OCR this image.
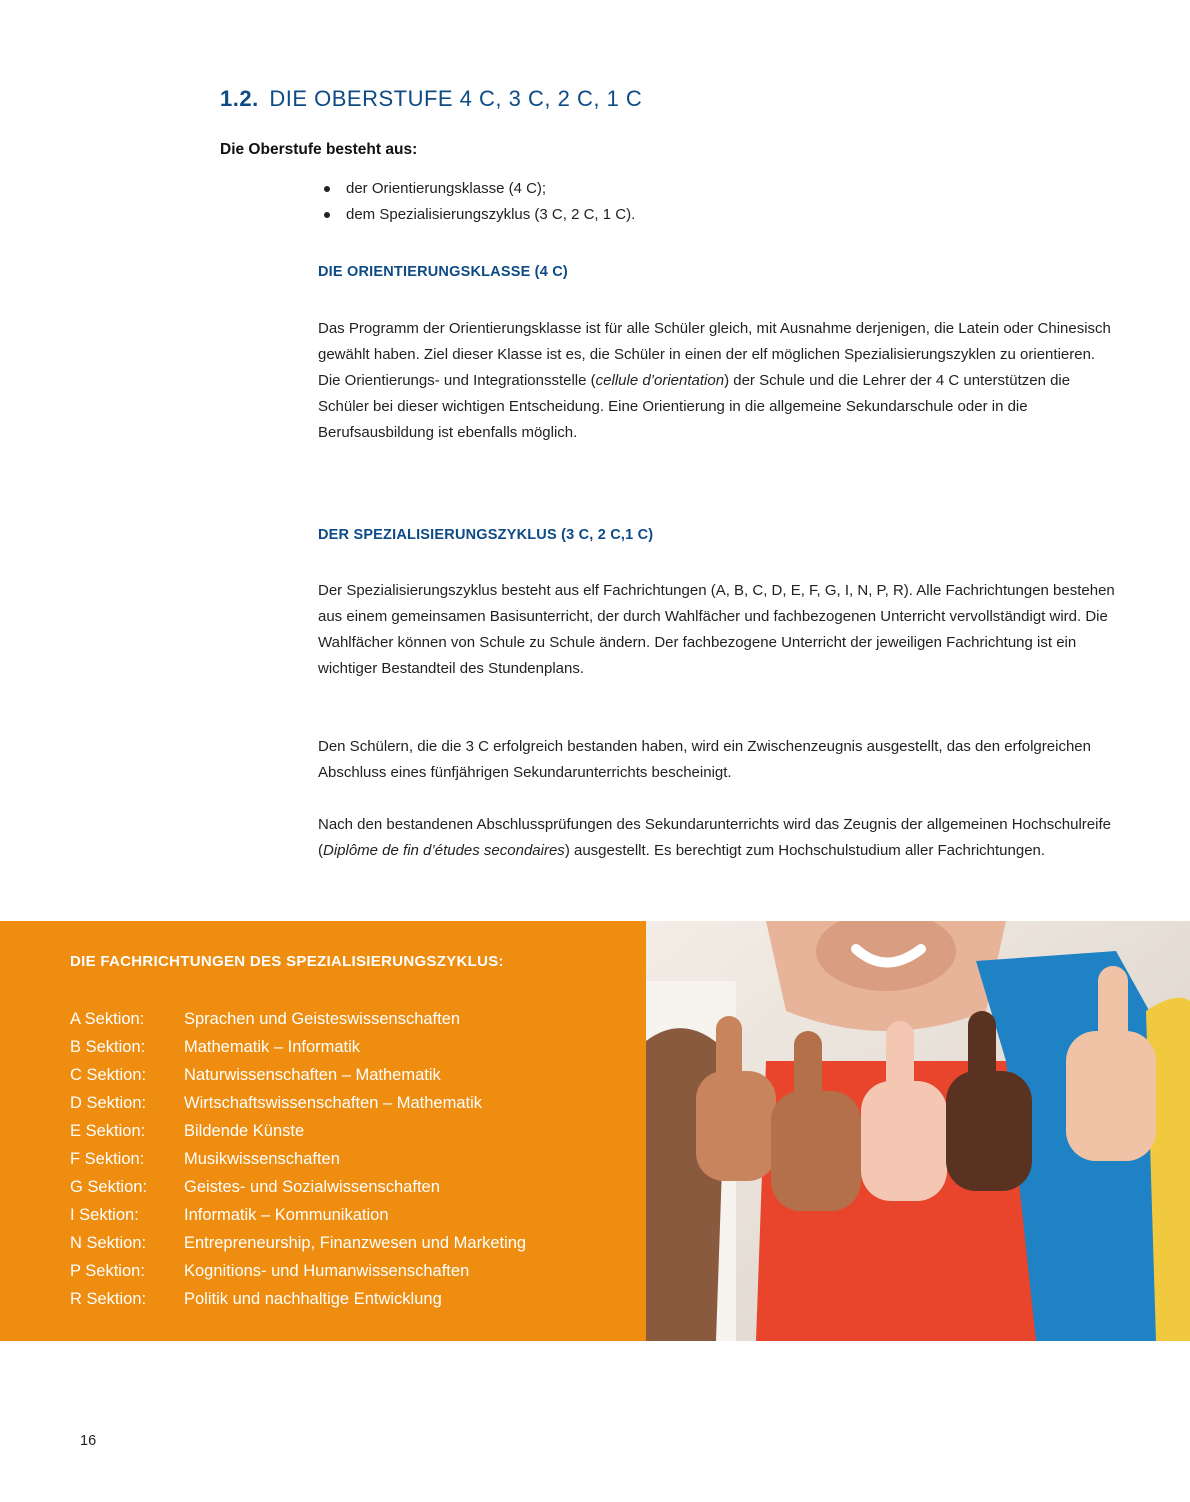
1.2. DIE OBERSTUFE 4 C, 3 C, 2 C, 1 C

Die Oberstufe besteht aus:

der Orientierungsklasse (4 C);
dem Spezialisierungszyklus (3 C, 2 C, 1 C).
DIE ORIENTIERUNGSKLASSE (4 C)

Das Programm der Orientierungsklasse ist für alle Schüler gleich, mit Ausnahme derjenigen, die Latein oder Chinesisch gewählt haben. Ziel dieser Klasse ist es, die Schüler in einen der elf möglichen Spezialisierungszyklen zu orientieren. Die Orientierungs- und Integrationsstelle (cellule d’orientation) der Schule und die Lehrer der 4 C unterstützen die Schüler bei dieser wichtigen Entscheidung. Eine Orientierung in die allgemeine Sekundarschule oder in die Berufsausbildung ist ebenfalls möglich.

DER SPEZIALISIERUNGSZYKLUS (3 C, 2 C,1 C)

Der Spezialisierungszyklus besteht aus elf Fachrichtungen (A, B, C, D, E, F, G, I, N, P, R). Alle Fachrichtungen bestehen aus einem gemeinsamen Basisunterricht, der durch Wahlfächer und fachbezogenen Unterricht vervollständigt wird. Die Wahlfächer können von Schule zu Schule ändern. Der fachbezogene Unterricht der jeweiligen Fachrichtung ist ein wichtiger Bestandteil des Stundenplans.

Den Schülern, die die 3 C erfolgreich bestanden haben, wird ein Zwischenzeugnis ausgestellt, das den erfolgreichen Abschluss eines fünfjährigen Sekundarunterrichts bescheinigt.

Nach den bestandenen Abschlussprüfungen des Sekundarunterrichts wird das Zeugnis der allgemeinen Hochschulreife (Diplôme de fin d’études secondaires) ausgestellt. Es berechtigt zum Hochschulstudium aller Fachrichtungen.

DIE FACHRICHTUNGEN DES SPEZIALISIERUNGSZYKLUS:

A Sektion:	Sprachen und Geisteswissenschaften
B Sektion:	Mathematik – Informatik
C Sektion:	Naturwissenschaften – Mathematik
D Sektion:	Wirtschaftswissenschaften – Mathematik
E Sektion:	Bildende Künste
F Sektion:	Musikwissenschaften
G Sektion:	Geistes- und Sozialwissenschaften
I Sektion:	Informatik – Kommunikation
N Sektion:	Entrepreneurship, Finanzwesen und Marketing
P Sektion:	Kognitions- und Humanwissenschaften
R Sektion:	Politik und nachhaltige Entwicklung

16
